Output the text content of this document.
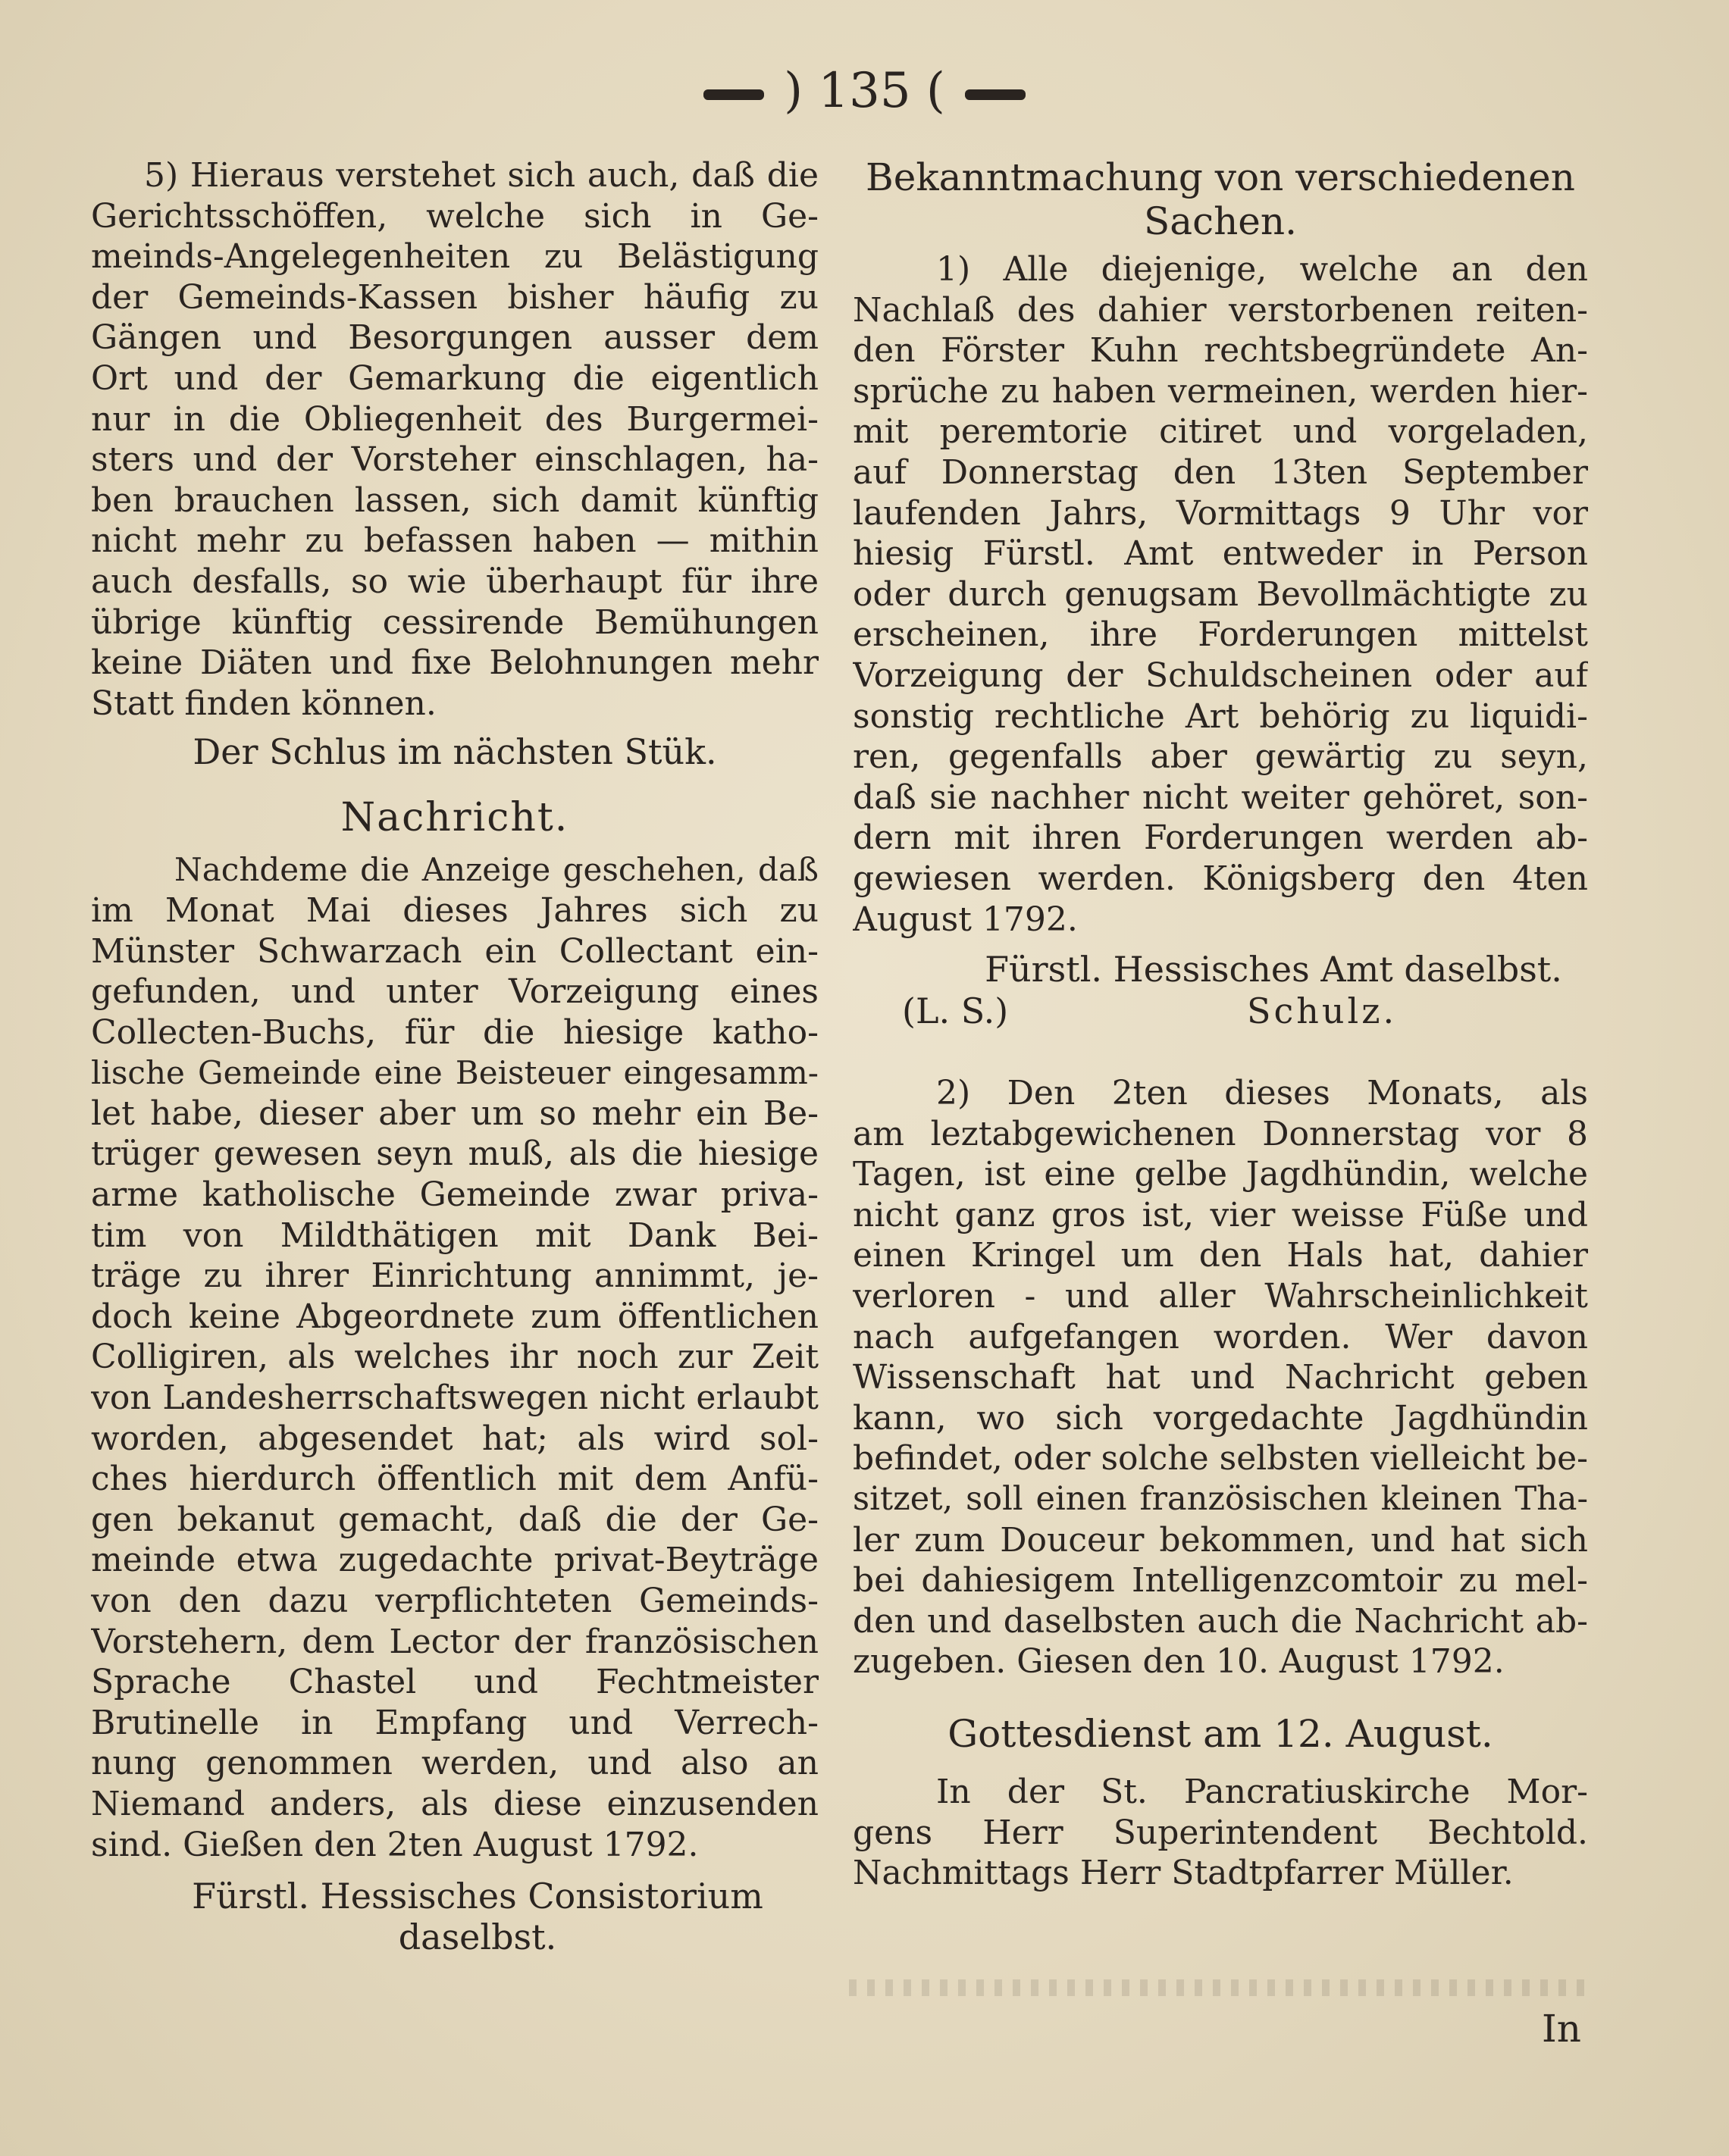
) 135 (
5) Hieraus verstehet sich auch, daß die
Gerichtsschöffen, welche sich in Ge-
meinds-Angelegenheiten zu Belästigung
der Gemeinds-Kassen bisher häufig zu
Gängen und Besorgungen ausser dem
Ort und der Gemarkung die eigentlich
nur in die Obliegenheit des Burgermei-
sters und der Vorsteher einschlagen, ha-
ben brauchen lassen, sich damit künftig
nicht mehr zu befassen haben — mithin
auch desfalls, so wie überhaupt für ihre
übrige künftig cessirende Bemühungen
keine Diäten und fixe Belohnungen mehr
Statt finden können.

Der Schlus im nächsten Stük.

Nachricht.

Nachdeme die Anzeige geschehen, daß
im Monat Mai dieses Jahres sich zu
Münster Schwarzach ein Collectant ein-
gefunden, und unter Vorzeigung eines
Collecten-Buchs, für die hiesige katho-
lische Gemeinde eine Beisteuer eingesamm-
let habe, dieser aber um so mehr ein Be-
trüger gewesen seyn muß, als die hiesige
arme katholische Gemeinde zwar priva-
tim von Mildthätigen mit Dank Bei-
träge zu ihrer Einrichtung annimmt, je-
doch keine Abgeordnete zum öffentlichen
Colligiren, als welches ihr noch zur Zeit
von Landesherrschaftswegen nicht erlaubt
worden, abgesendet hat; als wird sol-
ches hierdurch öffentlich mit dem Anfü-
gen bekanut gemacht, daß die der Ge-
meinde etwa zugedachte privat-Beyträge
von den dazu verpflichteten Gemeinds-
Vorstehern, dem Lector der französischen
Sprache Chastel und Fechtmeister
Brutinelle in Empfang und Verrech-
nung genommen werden, und also an
Niemand anders, als diese einzusenden
sind. Gießen den 2ten August 1792.

Fürstl. Hessisches Consistorium

daselbst.

Bekanntmachung von verschiedenen

Sachen.

1) Alle diejenige, welche an den
Nachlaß des dahier verstorbenen reiten-
den Förster Kuhn rechtsbegründete An-
sprüche zu haben vermeinen, werden hier-
mit peremtorie citiret und vorgeladen,
auf Donnerstag den 13ten September
laufenden Jahrs, Vormittags 9 Uhr vor
hiesig Fürstl. Amt entweder in Person
oder durch genugsam Bevollmächtigte zu
erscheinen, ihre Forderungen mittelst
Vorzeigung der Schuldscheinen oder auf
sonstig rechtliche Art behörig zu liquidi-
ren, gegenfalls aber gewärtig zu seyn,
daß sie nachher nicht weiter gehöret, son-
dern mit ihren Forderungen werden ab-
gewiesen werden. Königsberg den 4ten
August 1792.

Fürstl. Hessisches Amt daselbst.

(L. S.)	Schulz.
2) Den 2ten dieses Monats, als
am leztabgewichenen Donnerstag vor 8
Tagen, ist eine gelbe Jagdhündin, welche
nicht ganz gros ist, vier weisse Füße und
einen Kringel um den Hals hat, dahier
verloren - und aller Wahrscheinlichkeit
nach aufgefangen worden. Wer davon
Wissenschaft hat und Nachricht geben
kann, wo sich vorgedachte Jagdhündin
befindet, oder solche selbsten vielleicht be-
sitzet, soll einen französischen kleinen Tha-
ler zum Douceur bekommen, und hat sich
bei dahiesigem Intelligenzcomtoir zu mel-
den und daselbsten auch die Nachricht ab-
zugeben. Giesen den 10. August 1792.

Gottesdienst am 12. August.

In der St. Pancratiuskirche Mor-
gens Herr Superintendent Bechtold.
Nachmittags Herr Stadtpfarrer Müller.
In
